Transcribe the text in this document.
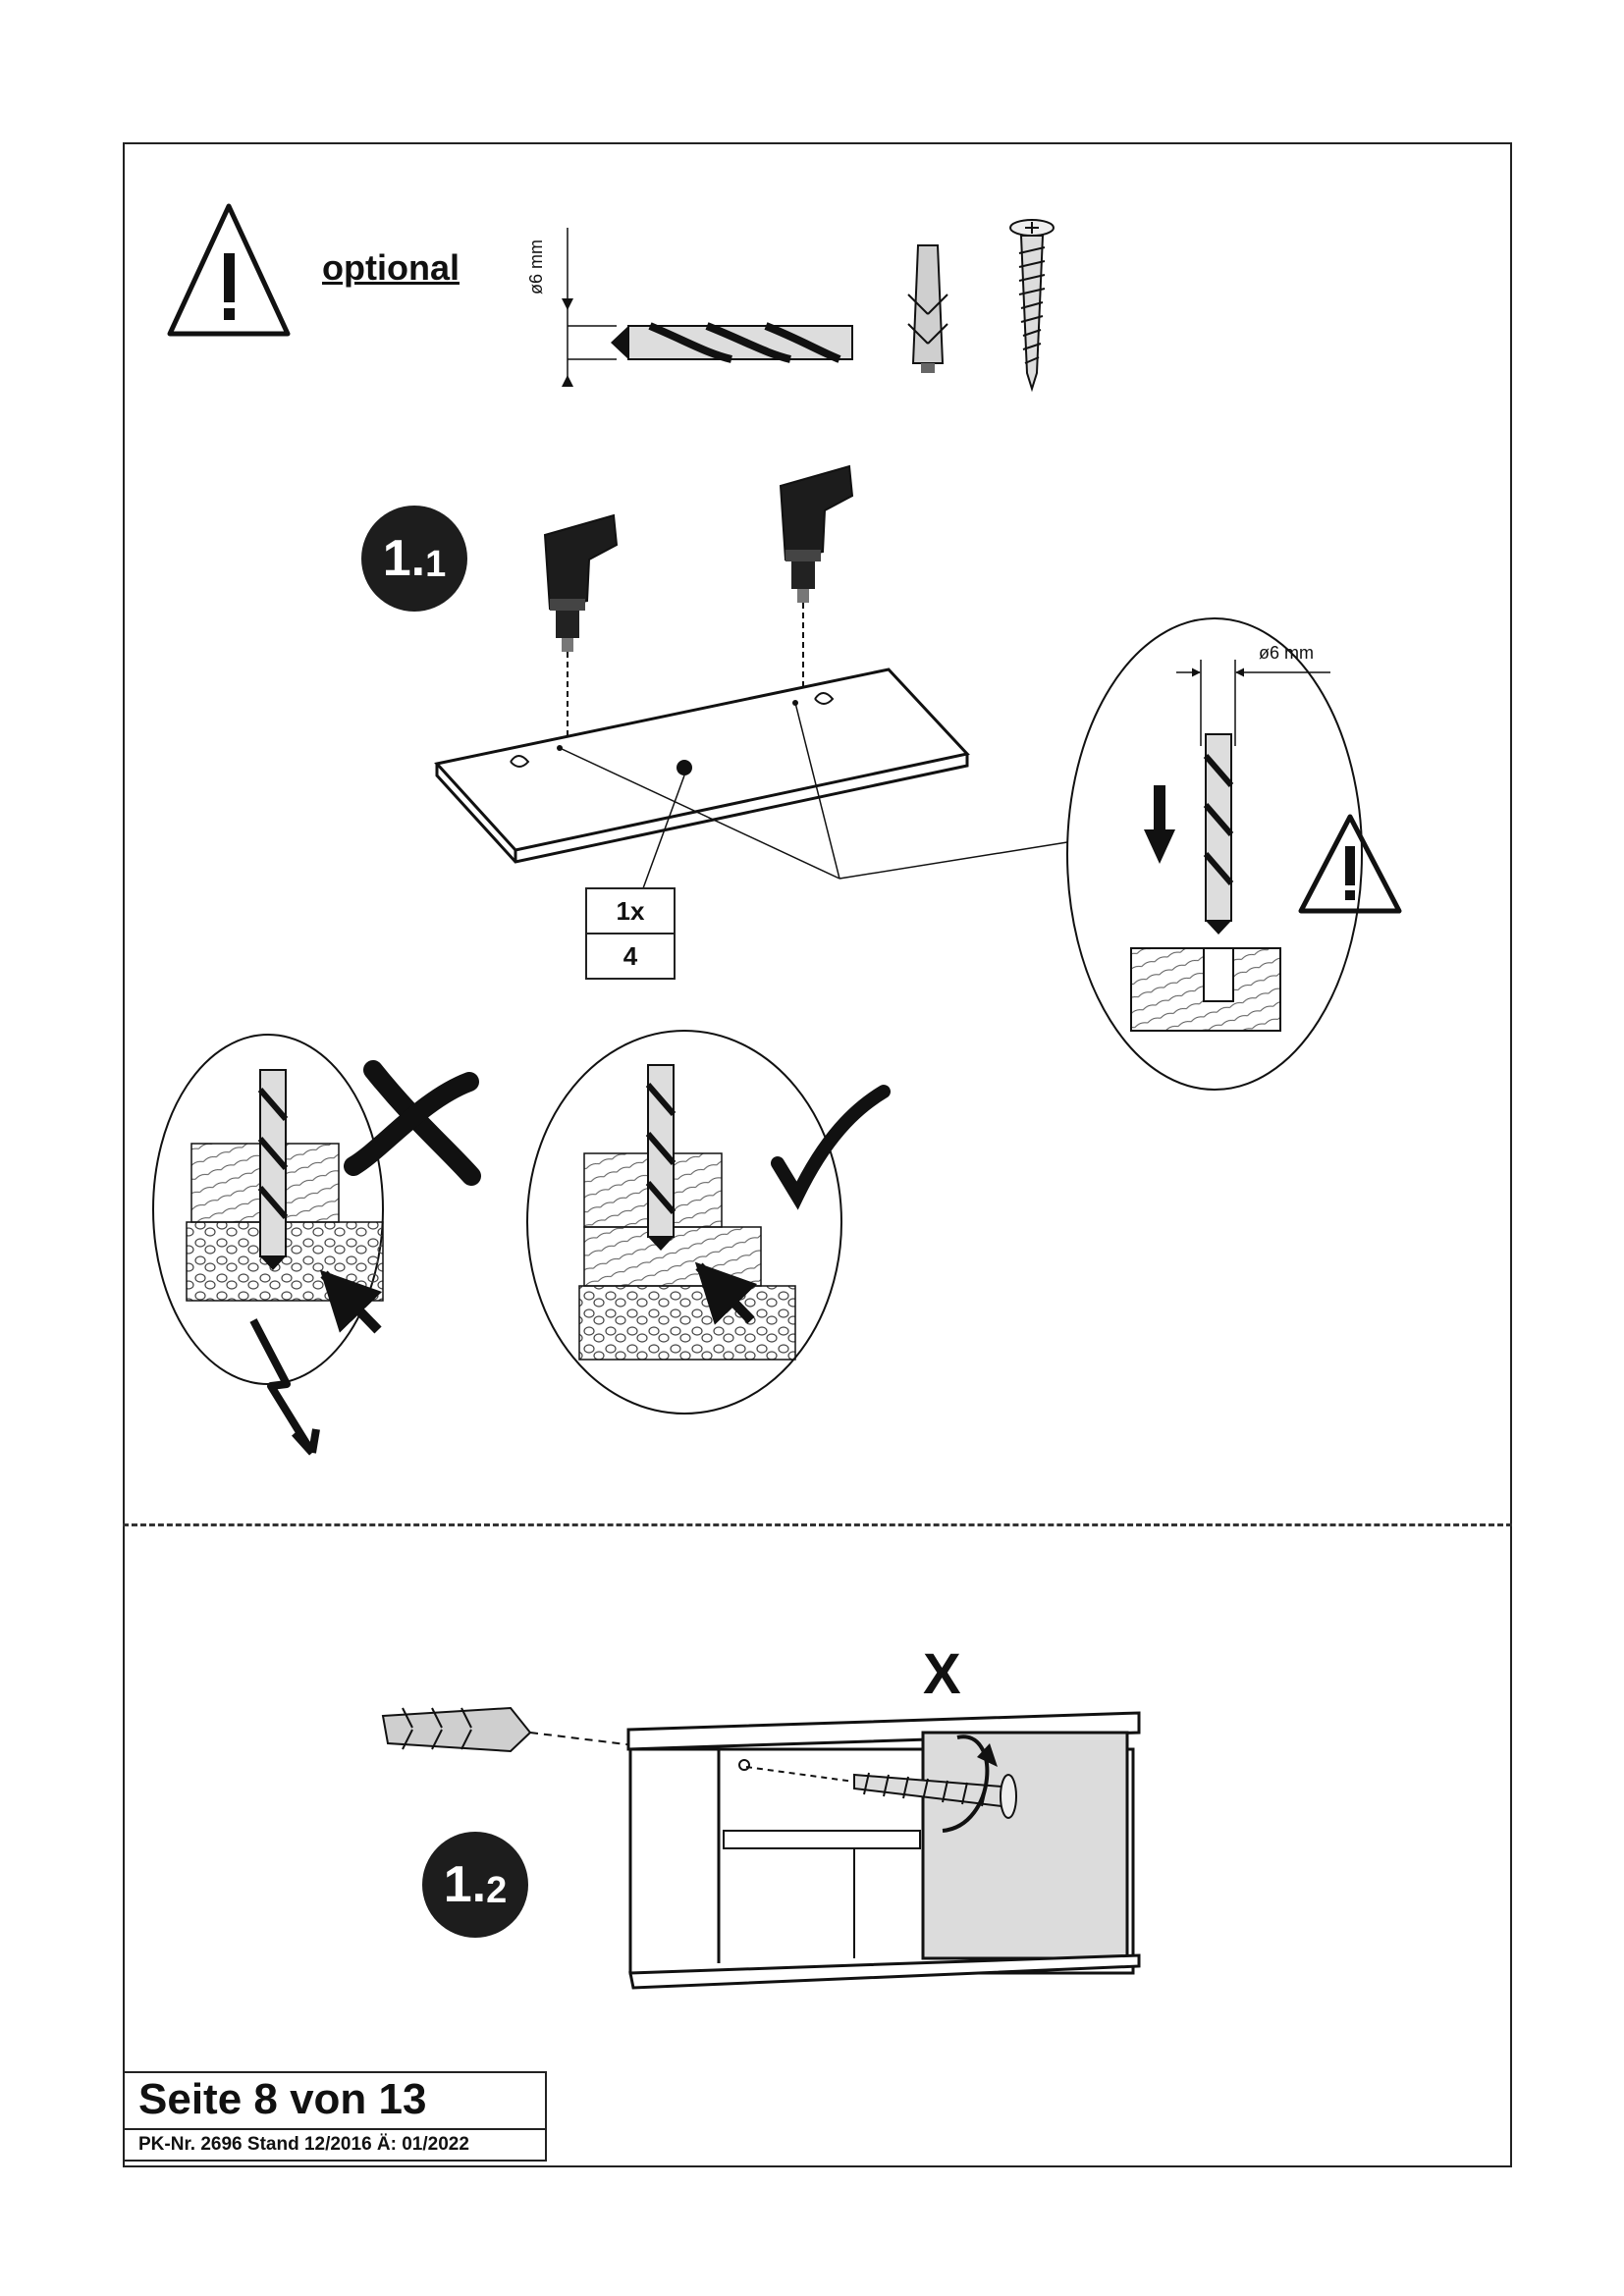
optional	ø6 mm
1. 1
1. 2
1x
4
ø6 mm
X
Seite 8 von 13
PK-Nr. 2696 Stand 12/2016 Ä: 01/2022
